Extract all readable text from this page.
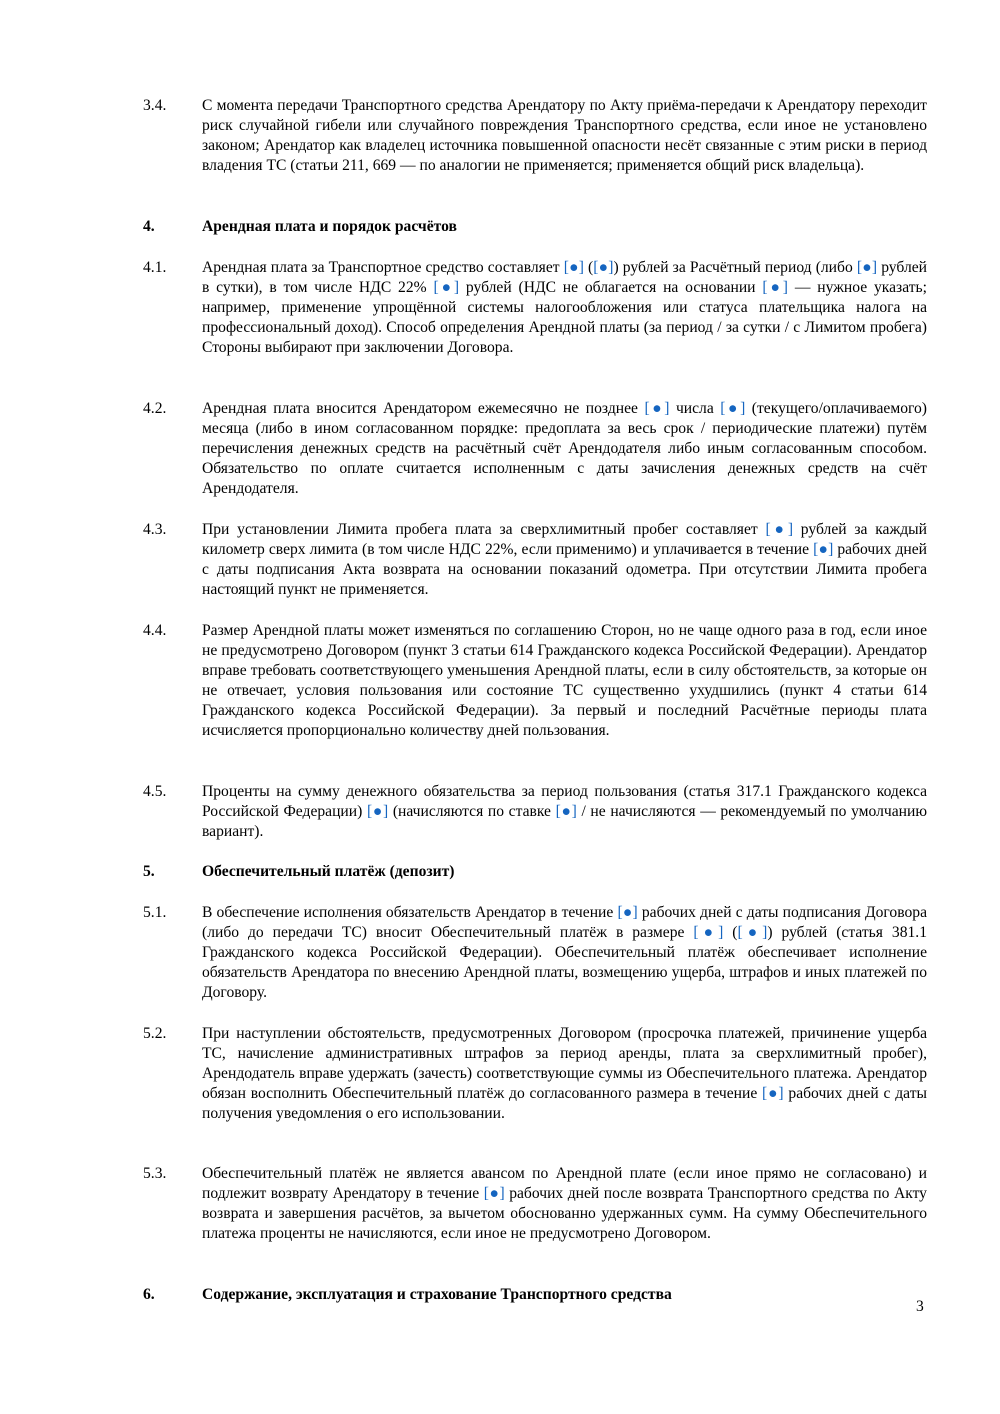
3.4.	С момента передачи Транспортного средства Арендатору по Акту приёма-передачи к Арендатору переходит риск случайной гибели или случайного повреждения Транспортного средства, если иное не установлено законом; Арендатор как владелец источника повышенной опасности несёт связанные с этим риски в период владения ТС (статьи 211, 669 — по аналогии не применяется; применяется общий риск владельца).
4.	Арендная плата и порядок расчётов
4.1.	Арендная плата за Транспортное средство составляет [●] ([●]) рублей за Расчётный период (либо [●] рублей в сутки), в том числе НДС 22% [●] рублей (НДС не облагается на основании [●] — нужное указать; например, применение упрощённой системы налогообложения или статуса плательщика налога на профессиональный доход). Способ определения Арендной платы (за период / за сутки / с Лимитом пробега) Стороны выбирают при заключении Договора.
4.2.	Арендная плата вносится Арендатором ежемесячно не позднее [●] числа [●] (текущего/оплачиваемого) месяца (либо в ином согласованном порядке: предоплата за весь срок / периодические платежи) путём перечисления денежных средств на расчётный счёт Арендодателя либо иным согласованным способом. Обязательство по оплате считается исполненным с даты зачисления денежных средств на счёт Арендодателя.
4.3.	При установлении Лимита пробега плата за сверхлимитный пробег составляет [●] рублей за каждый километр сверх лимита (в том числе НДС 22%, если применимо) и уплачивается в течение [●] рабочих дней с даты подписания Акта возврата на основании показаний одометра. При отсутствии Лимита пробега настоящий пункт не применяется.
4.4.	Размер Арендной платы может изменяться по соглашению Сторон, но не чаще одного раза в год, если иное не предусмотрено Договором (пункт 3 статьи 614 Гражданского кодекса Российской Федерации). Арендатор вправе требовать соответствующего уменьшения Арендной платы, если в силу обстоятельств, за которые он не отвечает, условия пользования или состояние ТС существенно ухудшились (пункт 4 статьи 614 Гражданского кодекса Российской Федерации). За первый и последний Расчётные периоды плата исчисляется пропорционально количеству дней пользования.
4.5.	Проценты на сумму денежного обязательства за период пользования (статья 317.1 Гражданского кодекса Российской Федерации) [●] (начисляются по ставке [●] / не начисляются — рекомендуемый по умолчанию вариант).
5.	Обеспечительный платёж (депозит)
5.1.	В обеспечение исполнения обязательств Арендатор в течение [●] рабочих дней с даты подписания Договора (либо до передачи ТС) вносит Обеспечительный платёж в размере [●] ([●]) рублей (статья 381.1 Гражданского кодекса Российской Федерации). Обеспечительный платёж обеспечивает исполнение обязательств Арендатора по внесению Арендной платы, возмещению ущерба, штрафов и иных платежей по Договору.
5.2.	При наступлении обстоятельств, предусмотренных Договором (просрочка платежей, причинение ущерба ТС, начисление административных штрафов за период аренды, плата за сверхлимитный пробег), Арендодатель вправе удержать (зачесть) соответствующие суммы из Обеспечительного платежа. Арендатор обязан восполнить Обеспечительный платёж до согласованного размера в течение [●] рабочих дней с даты получения уведомления о его использовании.
5.3.	Обеспечительный платёж не является авансом по Арендной плате (если иное прямо не согласовано) и подлежит возврату Арендатору в течение [●] рабочих дней после возврата Транспортного средства по Акту возврата и завершения расчётов, за вычетом обоснованно удержанных сумм. На сумму Обеспечительного платежа проценты не начисляются, если иное не предусмотрено Договором.
6.	Содержание, эксплуатация и страхование Транспортного средства
3
